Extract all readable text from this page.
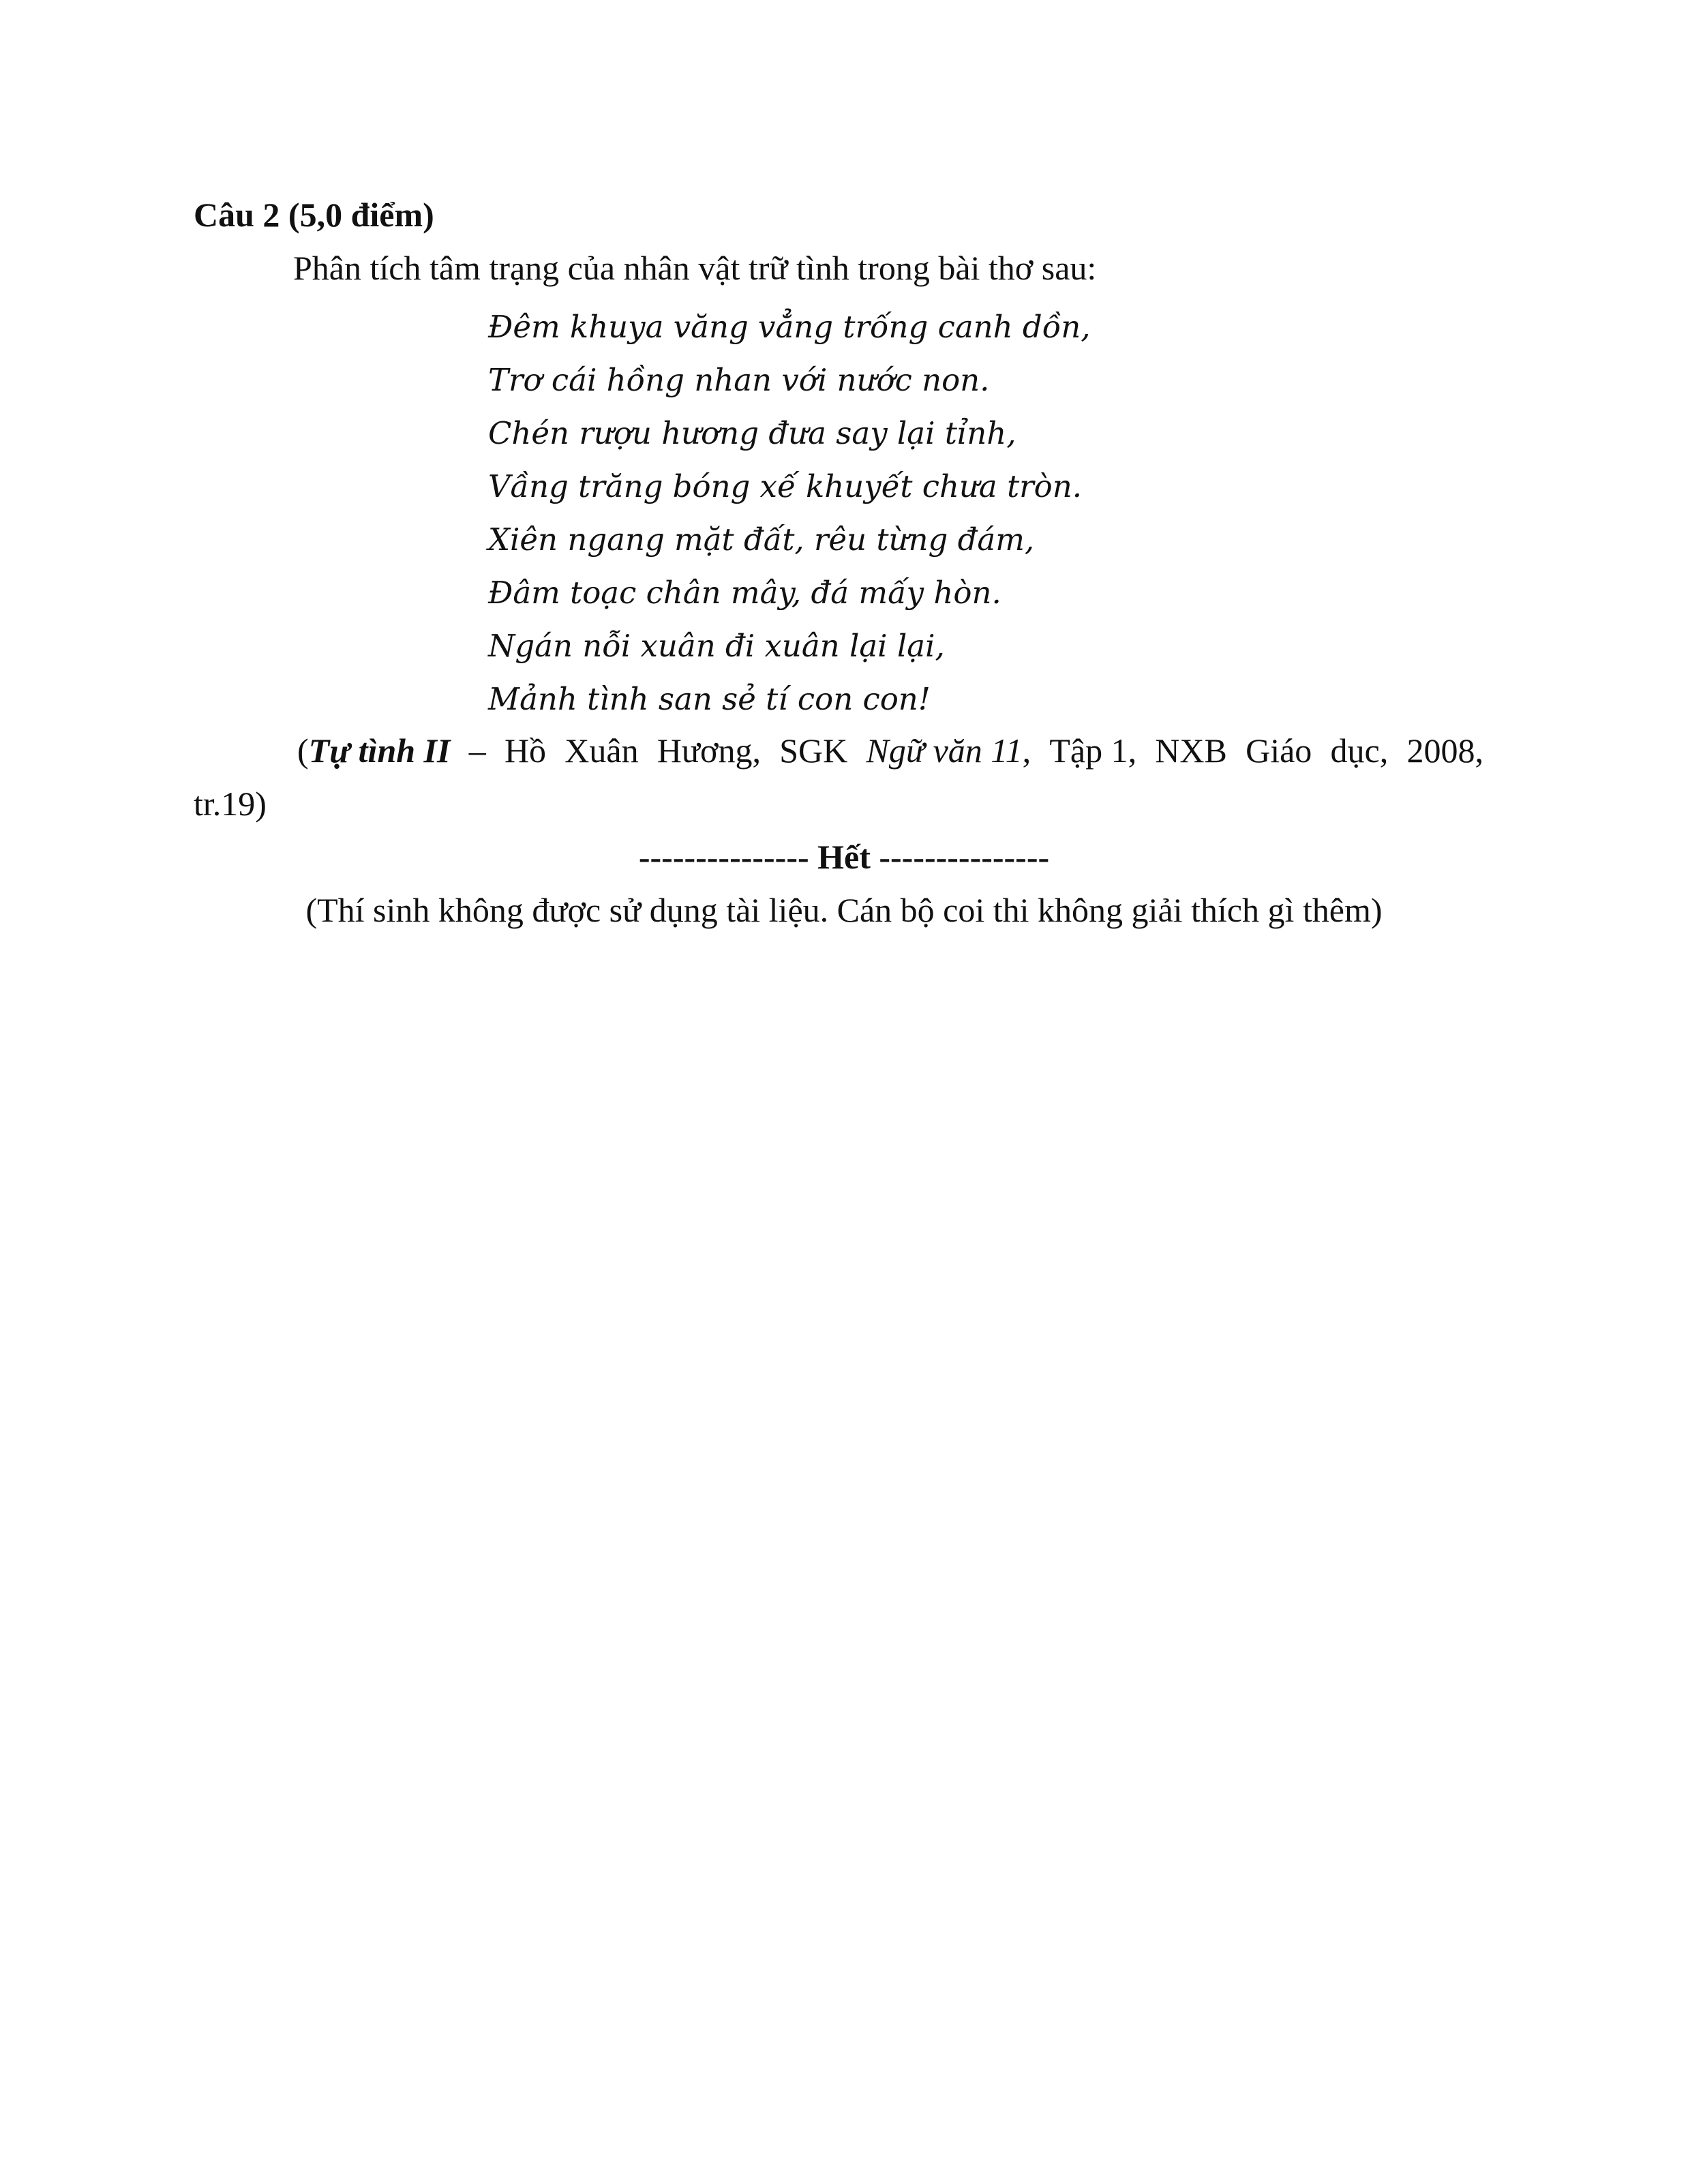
Câu 2 (5,0 điểm)
Phân tích tâm trạng của nhân vật trữ tình trong bài thơ sau:
Đêm khuya văng vẳng trống canh dồn,
Trơ cái hồng nhan với nước non.
Chén rượu hương đưa say lại tỉnh,
Vầng trăng bóng xế khuyết chưa tròn.
Xiên ngang mặt đất, rêu từng đám,
Đâm toạc chân mây, đá mấy hòn.
Ngán nỗi xuân đi xuân lại lại,
Mảnh tình san sẻ tí con con!
(Tự tình II – Hồ Xuân Hương, SGK Ngữ văn 11, Tập 1, NXB Giáo dục, 2008,
tr.19)
--------------- Hết ---------------
(Thí sinh không được sử dụng tài liệu. Cán bộ coi thi không giải thích gì thêm)
